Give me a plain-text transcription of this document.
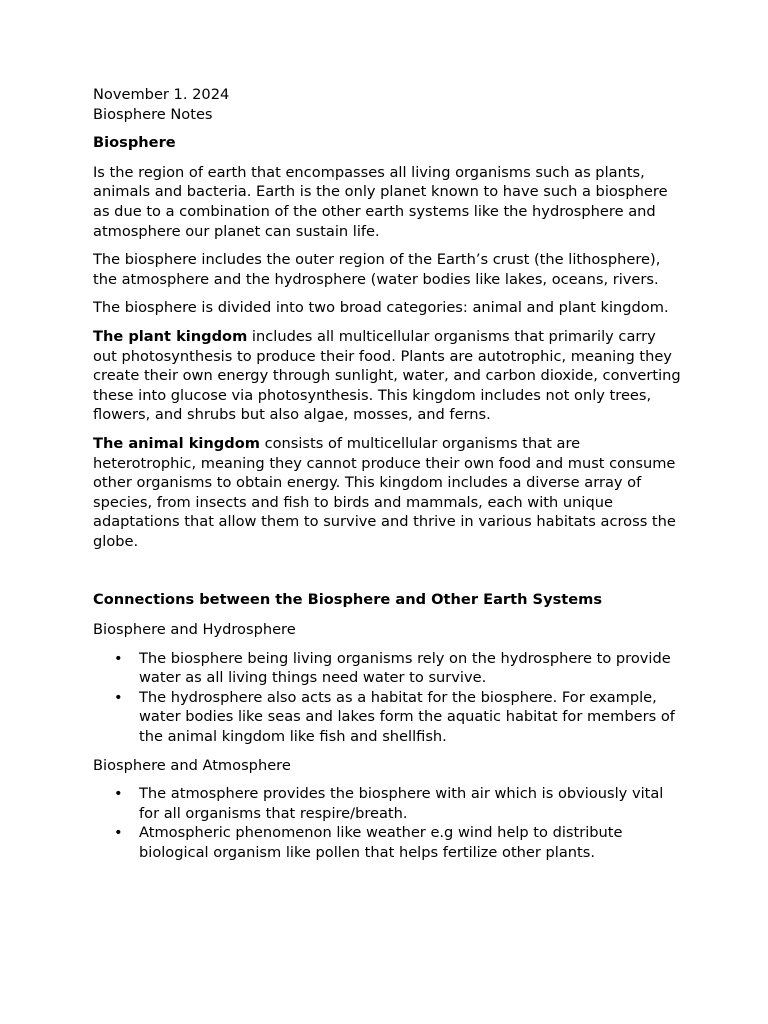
November 1. 2024
Biosphere Notes
Biosphere

Is the region of earth that encompasses all living organisms such as plants, animals and bacteria. Earth is the only planet known to have such a biosphere as due to a combination of the other earth systems like the hydrosphere and atmosphere our planet can sustain life.

The biosphere includes the outer region of the Earth’s crust (the lithosphere), the atmosphere and the hydrosphere (water bodies like lakes, oceans, rivers.

The biosphere is divided into two broad categories: animal and plant kingdom.

The plant kingdom includes all multicellular organisms that primarily carry out photosynthesis to produce their food. Plants are autotrophic, meaning they create their own energy through sunlight, water, and carbon dioxide, converting these into glucose via photosynthesis. This kingdom includes not only trees, flowers, and shrubs but also algae, mosses, and ferns.

The animal kingdom consists of multicellular organisms that are heterotrophic, meaning they cannot produce their own food and must consume other organisms to obtain energy. This kingdom includes a diverse array of species, from insects and fish to birds and mammals, each with unique adaptations that allow them to survive and thrive in various habitats across the globe.

Connections between the Biosphere and Other Earth Systems
Biosphere and Hydrosphere
• The biosphere being living organisms rely on the hydrosphere to provide water as all living things need water to survive.
• The hydrosphere also acts as a habitat for the biosphere. For example, water bodies like seas and lakes form the aquatic habitat for members of the animal kingdom like fish and shellfish.
Biosphere and Atmosphere
• The atmosphere provides the biosphere with air which is obviously vital for all organisms that respire/breath.
• Atmospheric phenomenon like weather e.g wind help to distribute biological organism like pollen that helps fertilize other plants.
